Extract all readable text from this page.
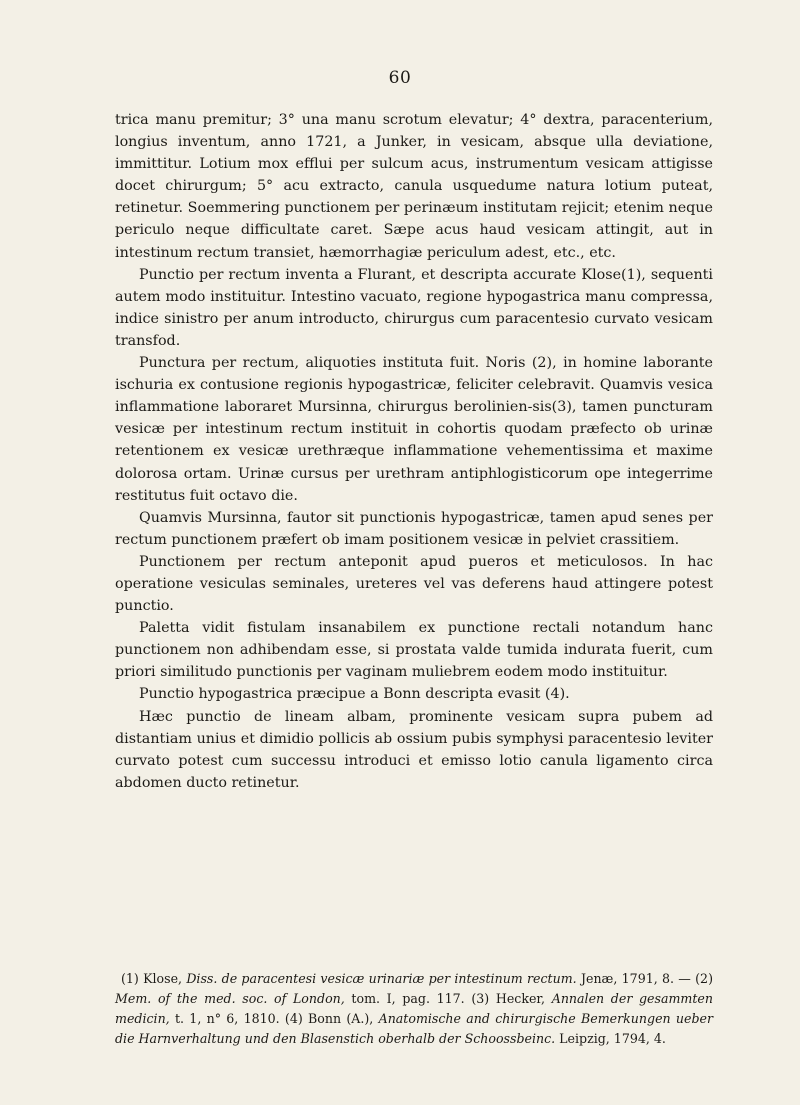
60

trica manu premitur; 3° una manu scrotum elevatur; 4° dextra, paracenterium, longius inventum, anno 1721, a Junker, in vesicam, absque ulla deviatione, immittitur. Lotium mox efflui per sulcum acus, instrumentum vesicam attigisse docet chirurgum; 5° acu extracto, canula usquedume natura lotium puteat, retinetur. Soemmering punctionem per perinæum institutam rejicit; etenim neque periculo neque difficultate caret. Sæpe acus haud vesicam attingit, aut in intestinum rectum transiet, hæmorrhagiæ periculum adest, etc., etc.

Punctio per rectum inventa a Flurant, et descripta accurate Klose(1), sequenti autem modo instituitur. Intestino vacuato, regione hypogastrica manu compressa, indice sinistro per anum introducto, chirurgus cum paracentesio curvato vesicam transfod.

Punctura per rectum, aliquoties instituta fuit. Noris (2), in homine laborante ischuria ex contusione regionis hypogastricæ, feliciter celebravit. Quamvis vesica inflammatione laboraret Mursinna, chirurgus berolinien-sis(3), tamen puncturam vesicæ per intestinum rectum instituit in cohortis quodam præfecto ob urinæ retentionem ex vesicæ urethræque inflammatione vehementissima et maxime dolorosa ortam. Urinæ cursus per urethram antiphlogisticorum ope integerrime restitutus fuit octavo die.

Quamvis Mursinna, fautor sit punctionis hypogastricæ, tamen apud senes per rectum punctionem præfert ob imam positionem vesicæ in pelviet crassitiem.

Punctionem per rectum anteponit apud pueros et meticulosos. In hac operatione vesiculas seminales, ureteres vel vas deferens haud attingere potest punctio.

Paletta vidit fistulam insanabilem ex punctione rectali notandum hanc punctionem non adhibendam esse, si prostata valde tumida indurata fuerit, cum priori similitudo punctionis per vaginam muliebrem eodem modo instituitur.

Punctio hypogastrica præcipue a Bonn descripta evasit (4).

Hæc punctio de lineam albam, prominente vesicam supra pubem ad distantiam unius et dimidio pollicis ab ossium pubis symphysi paracentesio leviter curvato potest cum successu introduci et emisso lotio canula ligamento circa abdomen ducto retinetur.

(1) Klose, Diss. de paracentesi vesicæ urinariæ per intestinum rectum. Jenæ, 1791, 8. — (2) Mem. of the med. soc. of London, tom. I, pag. 117. (3) Hecker, Annalen der gesammten medicin, t. 1, n° 6, 1810. (4) Bonn (A.), Anatomische and chirurgische Bemerkungen ueber die Harnverhaltung und den Blasenstich oberhalb der Schoossbeinc. Leipzig, 1794, 4.
